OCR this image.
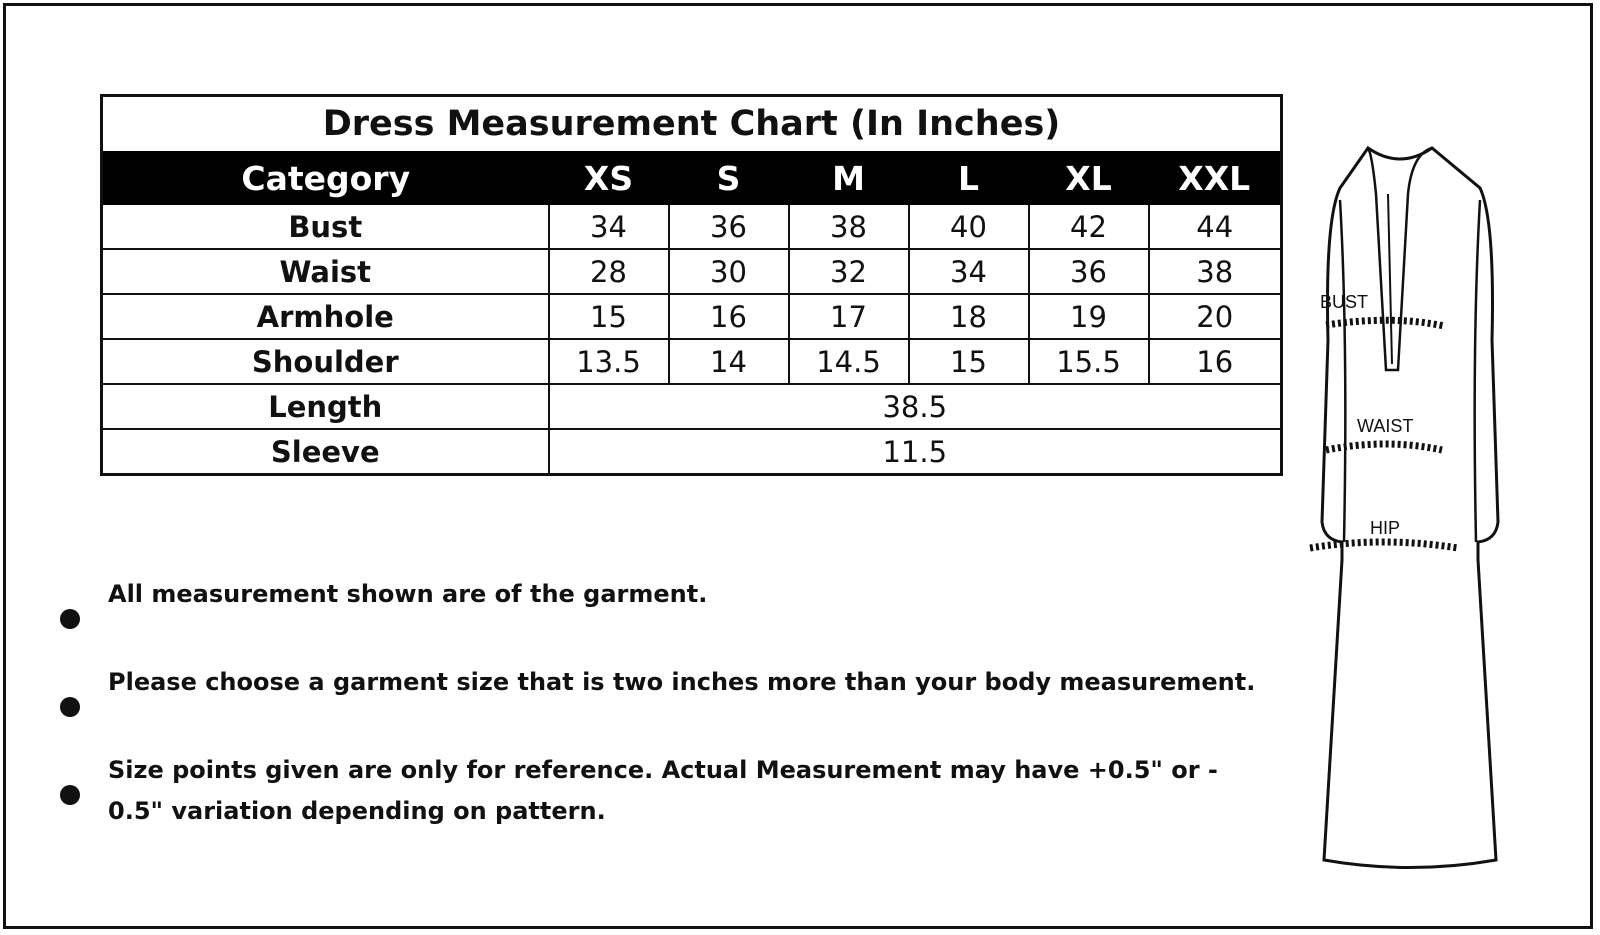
Dress Measurement Chart (In Inches)						
Category	XS	S	M	L	XL	XXL
Bust	34	36	38	40	42	44
Waist	28	30	32	34	36	38
Armhole	15	16	17	18	19	20
Shoulder	13.5	14	14.5	15	15.5	16
Length	38.5					
Sleeve	11.5					
All measurement shown are of the garment.
Please choose a garment size that is two inches more than your body measurement.
Size points given are only for reference. Actual Measurement may have +0.5" or - 0.5" variation depending on pattern.
BUST
WAIST
HIP
